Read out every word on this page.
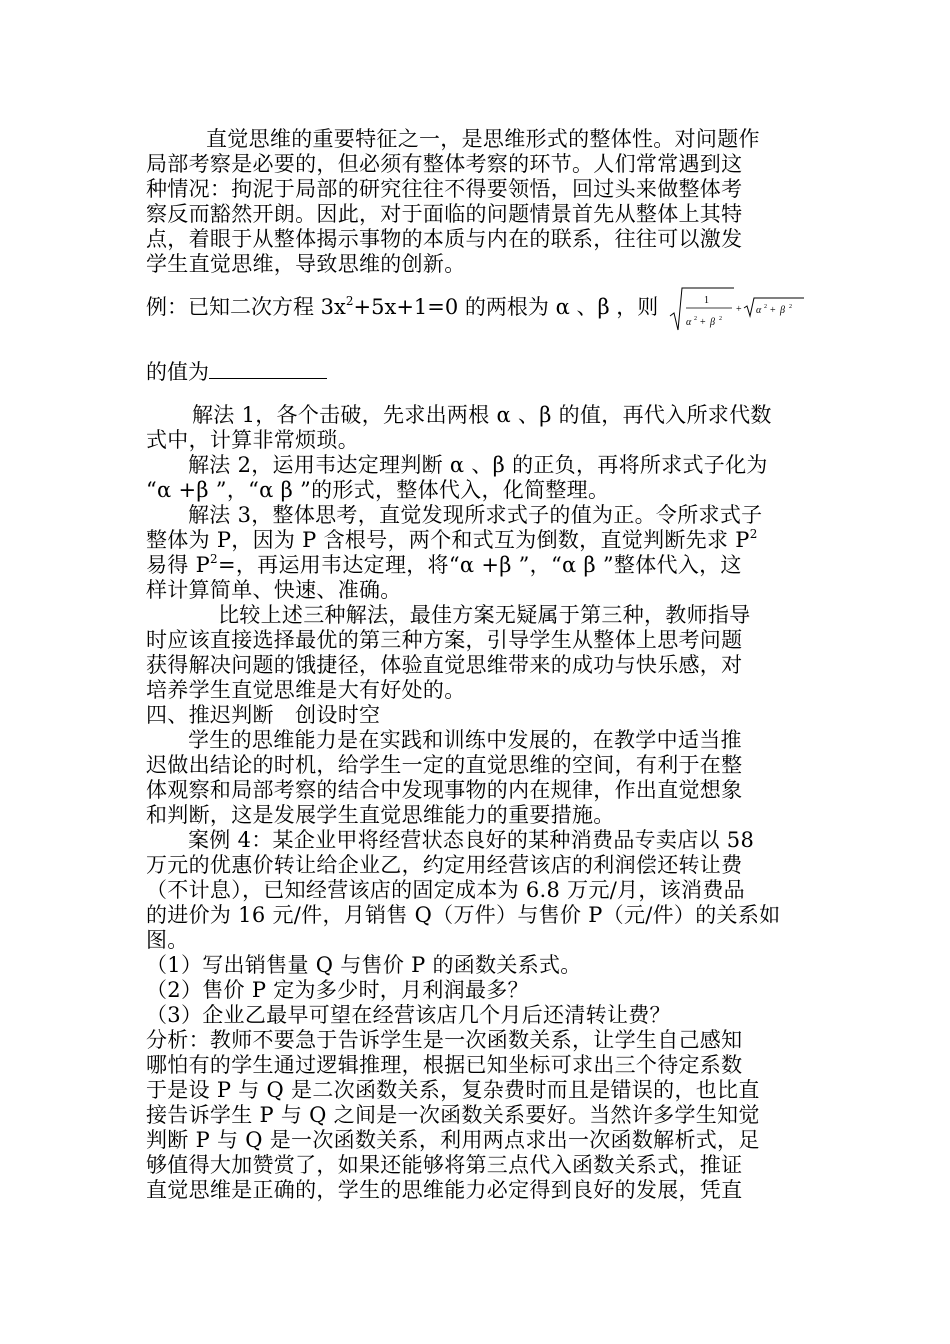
直觉思维的重要特征之一，是思维形式的整体性。对问题作
局部考察是必要的，但必须有整体考察的环节。人们常常遇到这
种情况：拘泥于局部的研究往往不得要领悟，回过头来做整体考
察反而豁然开朗。因此，对于面临的问题情景首先从整体上其特
点，着眼于从整体揭示事物的本质与内在的联系，往往可以激发
学生直觉思维，导致思维的创新。
例：已知二次方程 $3x^2+5x+1=0$ 的两根为 α 、β ，则	1
α 2 + β 2
+ α 2 + β 2
的值为
解法 1，各个击破，先求出两根 α 、β 的值，再代入所求代数
式中，计算非常烦琐。
解法 2，运用韦达定理判断 α 、β 的正负，再将所求式子化为
“α +β ”，“α β ”的形式，整体代入，化简整理。
解法 3，整体思考，直觉发现所求式子的值为正。令所求式子
整体为 P，因为 P 含根号，两个和式互为倒数，直觉判断先求 $P^2$
易得 $P^2=$，再运用韦达定理，将“α +β ”，“α β ”整体代入，这
样计算简单、快速、准确。
比较上述三种解法，最佳方案无疑属于第三种，教师指导
时应该直接选择最优的第三种方案，引导学生从整体上思考问题
获得解决问题的饿捷径，体验直觉思维带来的成功与快乐感，对
培养学生直觉思维是大有好处的。
四、推迟判断　创设时空
学生的思维能力是在实践和训练中发展的，在教学中适当推
迟做出结论的时机，给学生一定的直觉思维的空间，有利于在整
体观察和局部考察的结合中发现事物的内在规律，作出直觉想象
和判断，这是发展学生直觉思维能力的重要措施。
案例 4：某企业甲将经营状态良好的某种消费品专卖店以 58
万元的优惠价转让给企业乙，约定用经营该店的利润偿还转让费
（不计息），已知经营该店的固定成本为 6.8 万元/月，该消费品
的进价为 16 元/件，月销售 Q（万件）与售价 P（元/件）的关系如
图。
（1）写出销售量 Q 与售价 P 的函数关系式。
（2）售价 P 定为多少时，月利润最多？
（3）企业乙最早可望在经营该店几个月后还清转让费？
分析：教师不要急于告诉学生是一次函数关系，让学生自己感知
哪怕有的学生通过逻辑推理，根据已知坐标可求出三个待定系数
于是设 P 与 Q 是二次函数关系，复杂费时而且是错误的，也比直
接告诉学生 P 与 Q 之间是一次函数关系要好。当然许多学生知觉
判断 P 与 Q 是一次函数关系，利用两点求出一次函数解析式，足
够值得大加赞赏了，如果还能够将第三点代入函数关系式，推证
直觉思维是正确的，学生的思维能力必定得到良好的发展，凭直
